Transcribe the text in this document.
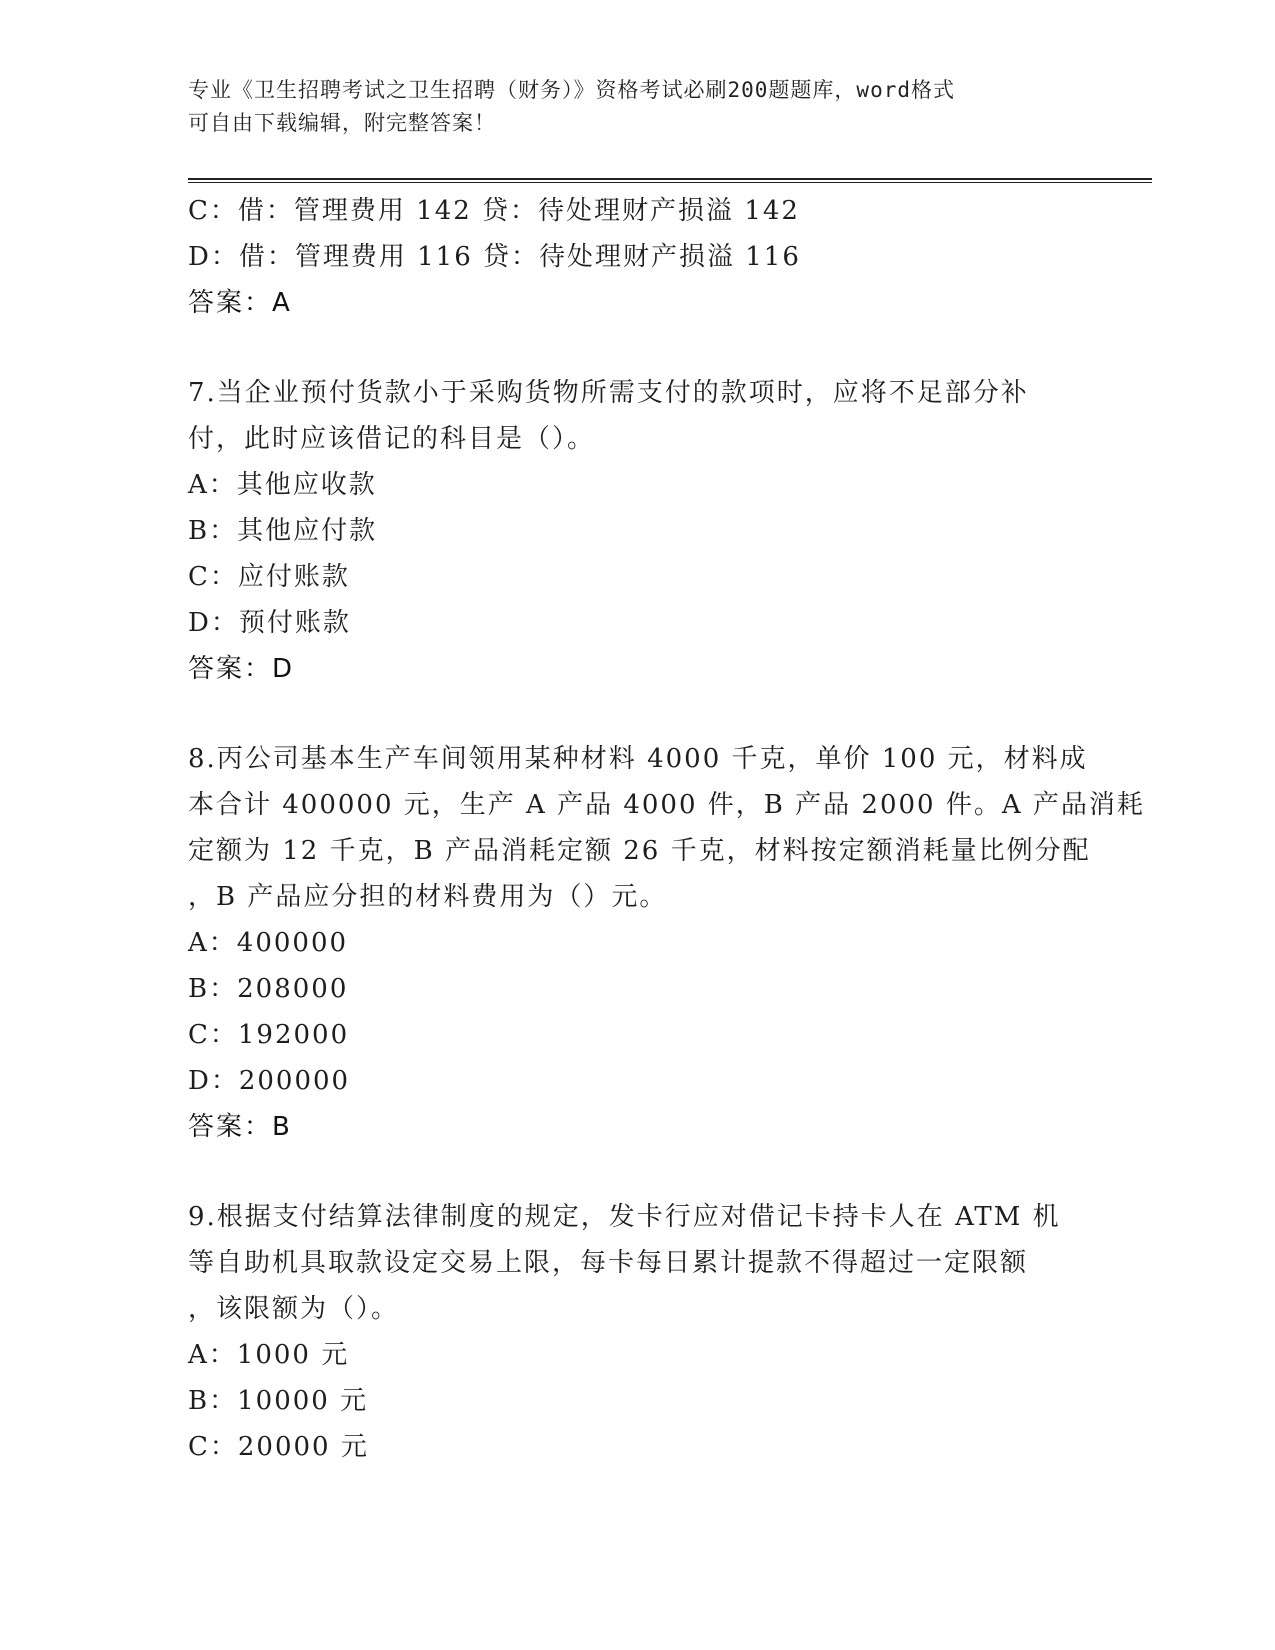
专业《卫生招聘考试之卫生招聘（财务）》资格考试必刷200题题库，word格式
可自由下载编辑，附完整答案！
C：借：管理费用 142 贷：待处理财产损溢 142
D：借：管理费用 116 贷：待处理财产损溢 116
答案：A
7.当企业预付货款小于采购货物所需支付的款项时，应将不足部分补
付，此时应该借记的科目是（）。
A：其他应收款
B：其他应付款
C：应付账款
D：预付账款
答案：D
8.丙公司基本生产车间领用某种材料 4000 千克，单价 100 元，材料成
本合计 400000 元，生产 A 产品 4000 件，B 产品 2000 件。A 产品消耗
定额为 12 千克，B 产品消耗定额 26 千克，材料按定额消耗量比例分配
，B 产品应分担的材料费用为（）元。
A：400000
B：208000
C：192000
D：200000
答案：B
9.根据支付结算法律制度的规定，发卡行应对借记卡持卡人在 ATM 机
等自助机具取款设定交易上限，每卡每日累计提款不得超过一定限额
，该限额为（）。
A：1000 元
B：10000 元
C：20000 元
